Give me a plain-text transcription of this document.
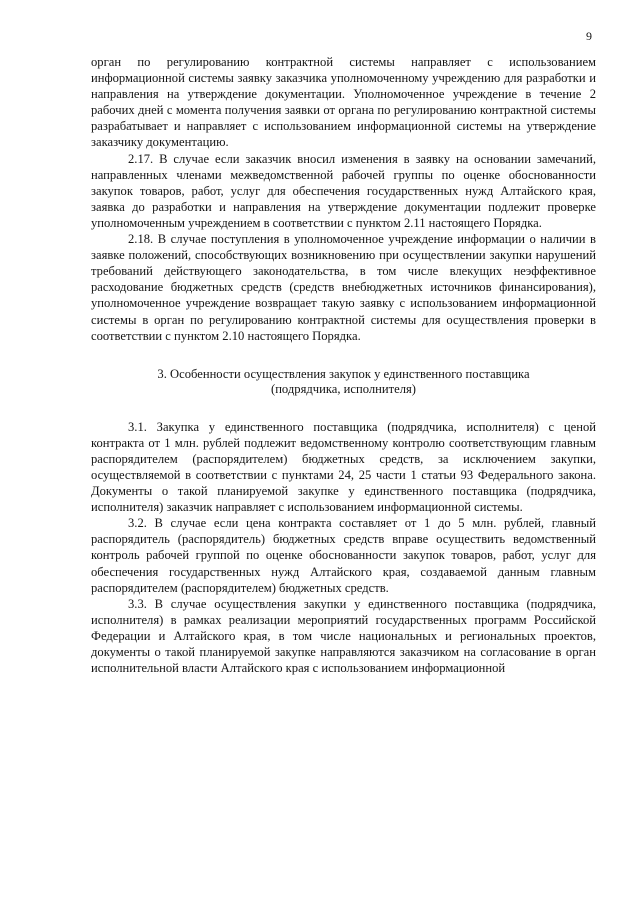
9

орган по регулированию контрактной системы направляет с использованием информационной системы заявку заказчика уполномоченному учреждению для разработки и направления на утверждение документации. Уполномоченное учреждение в течение 2 рабочих дней с момента получения заявки от органа по регулированию контрактной системы разрабатывает и направляет с использованием информационной системы на утверждение заказчику документацию.

2.17. В случае если заказчик вносил изменения в заявку на основании замечаний, направленных членами межведомственной рабочей группы по оценке обоснованности закупок товаров, работ, услуг для обеспечения государственных нужд Алтайского края, заявка до разработки и направления на утверждение документации подлежит проверке уполномоченным учреждением в соответствии с пунктом 2.11 настоящего Порядка.

2.18. В случае поступления в уполномоченное учреждение информации о наличии в заявке положений, способствующих возникновению при осуществлении закупки нарушений требований действующего законодательства, в том числе влекущих неэффективное расходование бюджетных средств (средств внебюджетных источников финансирования), уполномоченное учреждение возвращает такую заявку с использованием информационной системы в орган по регулированию контрактной системы для осуществления проверки в соответствии с пунктом 2.10 настоящего Порядка.

3. Особенности осуществления закупок у единственного поставщика
(подрядчика, исполнителя)

3.1. Закупка у единственного поставщика (подрядчика, исполнителя) с ценой контракта от 1 млн. рублей подлежит ведомственному контролю соответствующим главным распорядителем (распорядителем) бюджетных средств, за исключением закупки, осуществляемой в соответствии с пунктами 24, 25 части 1 статьи 93 Федерального закона. Документы о такой планируемой закупке у единственного поставщика (подрядчика, исполнителя) заказчик направляет с использованием информационной системы.

3.2. В случае если цена контракта составляет от 1 до 5 млн. рублей, главный распорядитель (распорядитель) бюджетных средств вправе осуществить ведомственный контроль рабочей группой по оценке обоснованности закупок товаров, работ, услуг для обеспечения государственных нужд Алтайского края, создаваемой данным главным распорядителем (распорядителем) бюджетных средств.

3.3. В случае осуществления закупки у единственного поставщика (подрядчика, исполнителя) в рамках реализации мероприятий государственных программ Российской Федерации и Алтайского края, в том числе национальных и региональных проектов, документы о такой планируемой закупке направляются заказчиком на согласование в орган исполнительной власти Алтайского края с использованием информационной
